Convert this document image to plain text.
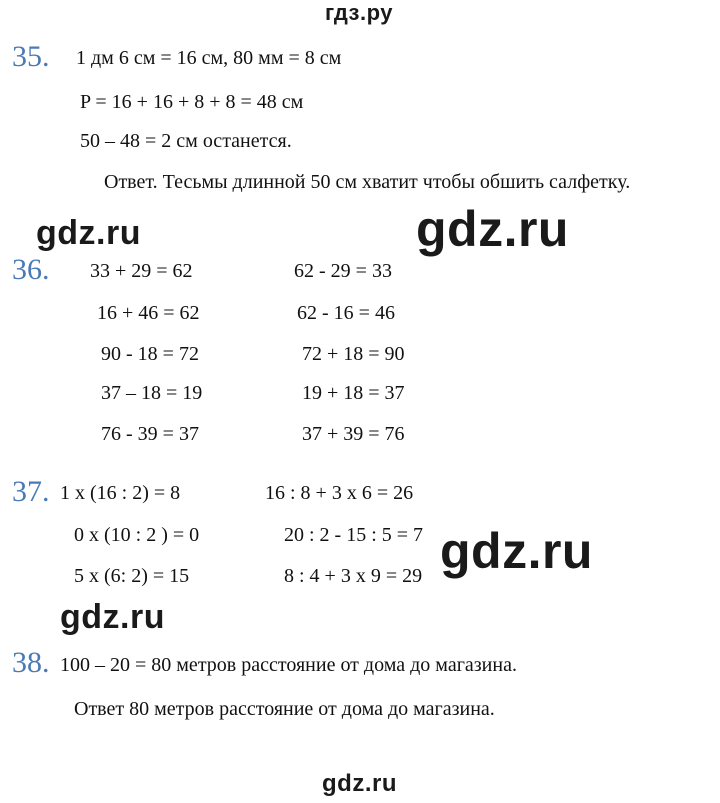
гдз.ру
35. 1 дм 6 см = 16 см, 80 мм = 8 см
P = 16 + 16 + 8 + 8 = 48 см
50 – 48 = 2 см останется.
Ответ. Тесьмы длинной 50 см хватит чтобы обшить салфетку.
gdz.ru	gdz.ru
36. 33 + 29 = 62
16 + 46 = 62
90 - 18 = 72
37 – 18 = 19
76 - 39 = 37
62 - 29 = 33
62 - 16 = 46
72 + 18 = 90
19 + 18 = 37
37 + 39 = 76
37. 1 x (16 : 2) = 8
0 x (10 : 2 ) = 0
5 x (6: 2) = 15
16 : 8 + 3 x 6 = 26
20 : 2 - 15 : 5 = 7
8 : 4 + 3 x 9 = 29 gdz.ru
gdz.ru
38. 100 – 20 = 80 метров расстояние от дома до магазина.
Ответ 80 метров расстояние от дома до магазина.
gdz.ru
